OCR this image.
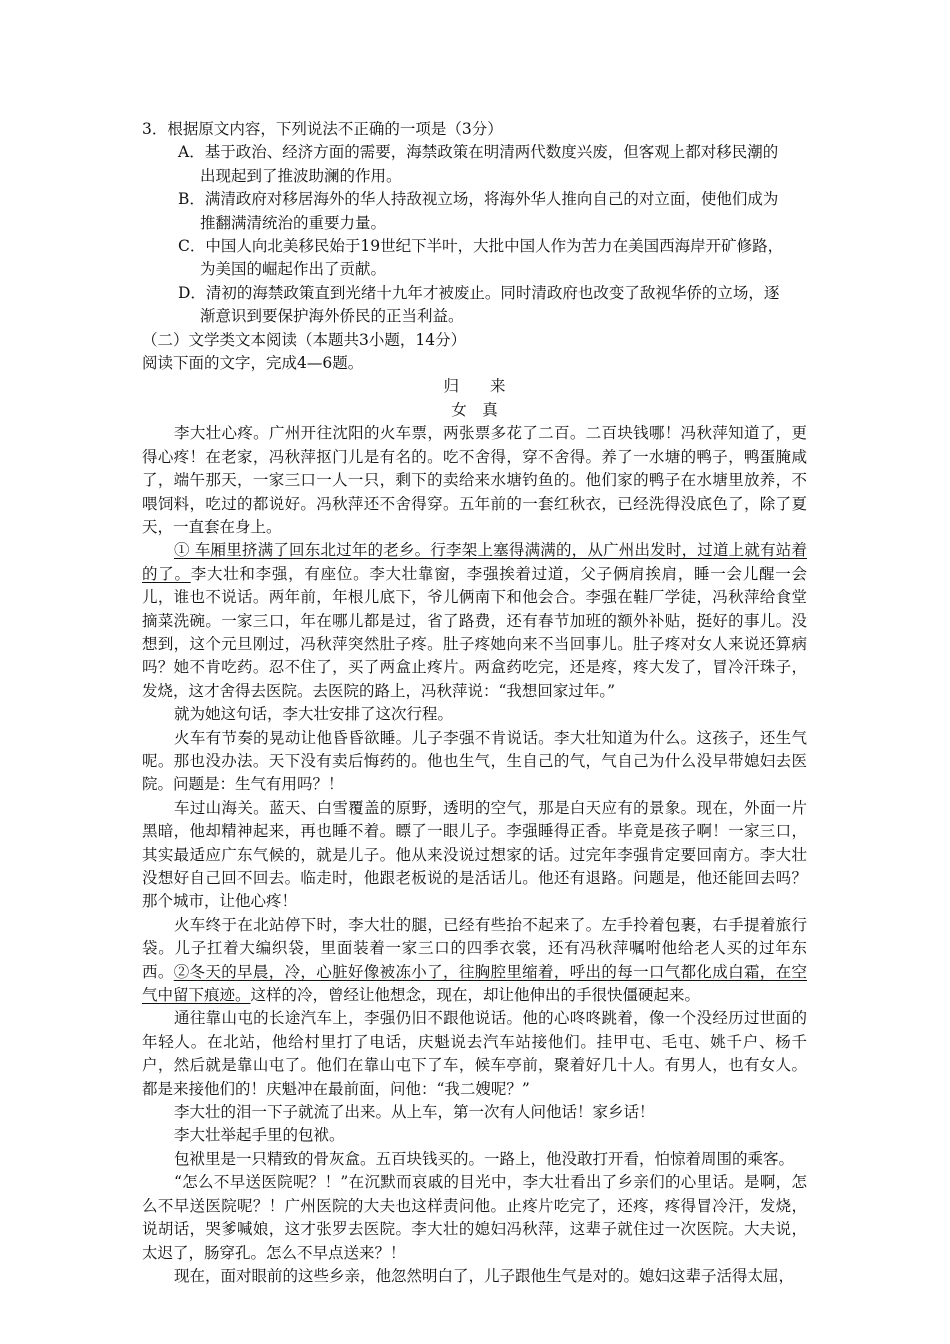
3．根据原文内容，下列说法不正确的一项是（3分）
A．基于政治、经济方面的需要，海禁政策在明清两代数度兴废，但客观上都对移民潮的
出现起到了推波助澜的作用。
B．满清政府对移居海外的华人持敌视立场，将海外华人推向自己的对立面，使他们成为
推翻满清统治的重要力量。
C．中国人向北美移民始于19世纪下半叶，大批中国人作为苦力在美国西海岸开矿修路，
为美国的崛起作出了贡献。
D．清初的海禁政策直到光绪十九年才被废止。同时清政府也改变了敌视华侨的立场，逐
渐意识到要保护海外侨民的正当利益。
（二）文学类文本阅读（本题共3小题，14分）
阅读下面的文字，完成4—6题。
归　　来
女　真

李大壮心疼。广州开往沈阳的火车票，两张票多花了二百。二百块钱哪！冯秋萍知道了，更得心疼！在老家，冯秋萍抠门儿是有名的。吃不舍得，穿不舍得。养了一水塘的鸭子，鸭蛋腌咸了，端午那天，一家三口一人一只，剩下的卖给来水塘钓鱼的。他们家的鸭子在水塘里放养，不喂饲料，吃过的都说好。冯秋萍还不舍得穿。五年前的一套红秋衣，已经洗得没底色了，除了夏天，一直套在身上。

① 车厢里挤满了回东北过年的老乡。行李架上塞得满满的，从广州出发时，过道上就有站着的了。李大壮和李强，有座位。李大壮靠窗，李强挨着过道，父子俩肩挨肩，睡一会儿醒一会儿，谁也不说话。两年前，年根儿底下，爷儿俩南下和他会合。李强在鞋厂学徒，冯秋萍给食堂摘菜洗碗。一家三口，年在哪儿都是过，省了路费，还有春节加班的额外补贴，挺好的事儿。没想到，这个元旦刚过，冯秋萍突然肚子疼。肚子疼她向来不当回事儿。肚子疼对女人来说还算病吗？她不肯吃药。忍不住了，买了两盒止疼片。两盒药吃完，还是疼，疼大发了，冒冷汗珠子，发烧，这才舍得去医院。去医院的路上，冯秋萍说：“我想回家过年。”

就为她这句话，李大壮安排了这次行程。

火车有节奏的晃动让他昏昏欲睡。儿子李强不肯说话。李大壮知道为什么。这孩子，还生气呢。那也没办法。天下没有卖后悔药的。他也生气，生自己的气，气自己为什么没早带媳妇去医院。问题是：生气有用吗？！

车过山海关。蓝天、白雪覆盖的原野，透明的空气，那是白天应有的景象。现在，外面一片黑暗，他却精神起来，再也睡不着。瞟了一眼儿子。李强睡得正香。毕竟是孩子啊！一家三口，其实最适应广东气候的，就是儿子。他从来没说过想家的话。过完年李强肯定要回南方。李大壮没想好自己回不回去。临走时，他跟老板说的是活话儿。他还有退路。问题是，他还能回去吗？那个城市，让他心疼！

火车终于在北站停下时，李大壮的腿，已经有些抬不起来了。左手拎着包裹，右手提着旅行袋。儿子扛着大编织袋，里面装着一家三口的四季衣裳，还有冯秋萍嘱咐他给老人买的过年东西。②冬天的早晨，冷，心脏好像被冻小了，往胸腔里缩着，呼出的每一口气都化成白霜，在空气中留下痕迹。这样的冷，曾经让他想念，现在，却让他伸出的手很快僵硬起来。

通往靠山屯的长途汽车上，李强仍旧不跟他说话。他的心咚咚跳着，像一个没经历过世面的年轻人。在北站，他给村里打了电话，庆魁说去汽车站接他们。挂甲屯、毛屯、姚千户、杨千户，然后就是靠山屯了。他们在靠山屯下了车，候车亭前，聚着好几十人。有男人，也有女人。都是来接他们的！庆魁冲在最前面，问他：“我二嫂呢？”

李大壮的泪一下子就流了出来。从上车，第一次有人问他话！家乡话！

李大壮举起手里的包袱。

包袱里是一只精致的骨灰盒。五百块钱买的。一路上，他没敢打开看，怕惊着周围的乘客。

“怎么不早送医院呢？！”在沉默而哀戚的目光中，李大壮看出了乡亲们的心里话。是啊，怎么不早送医院呢？！广州医院的大夫也这样责问他。止疼片吃完了，还疼，疼得冒冷汗，发烧，说胡话，哭爹喊娘，这才张罗去医院。李大壮的媳妇冯秋萍，这辈子就住过一次医院。大夫说，太迟了，肠穿孔。怎么不早点送来？！

现在，面对眼前的这些乡亲，他忽然明白了，儿子跟他生气是对的。媳妇这辈子活得太屈，
